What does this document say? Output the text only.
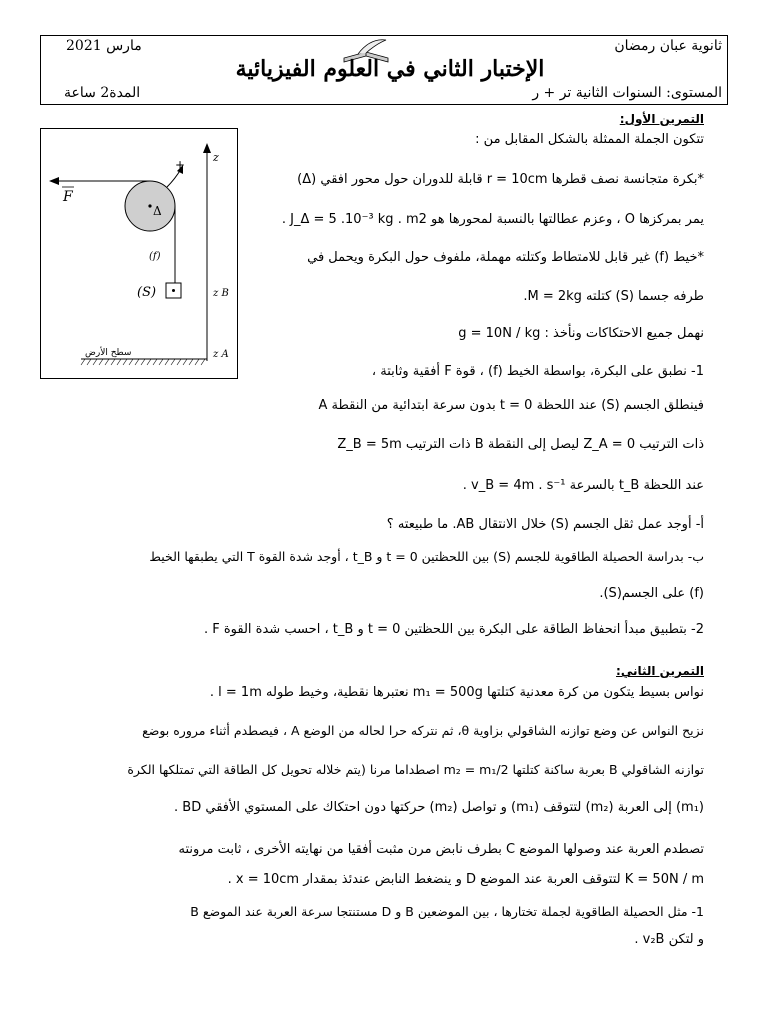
ثانوية عبان رمضان
مارس 2021
الإختبار الثاني في العلوم الفيزيائية
المستوى: السنوات الثانية تر + ر
المدة2 ساعة
التمرين الأول:
z
z B
z A
(f)
(S)
F
Δ
+
سطح الأرض
تتكون الجملة الممثلة بالشكل المقابل من :
*بكرة متجانسة نصف قطرها r = 10cm قابلة للدوران حول محور افقي (Δ)
يمر بمركزها O ، وعزم عطالتها بالنسبة لمحورها هو J_Δ = 5 .10⁻³ kg . m2 .
*خيط (f) غير قابل للامتطاط وكتلته مهملة، ملفوف حول البكرة ويحمل في
طرفه جسما (S) كتلته M = 2kg.
نهمل جميع الاحتكاكات ونأخذ : g = 10N / kg
1- نطبق على البكرة، بواسطة الخيط (f) ، قوة F أفقية وثابتة ،
فينطلق الجسم (S) عند اللحظة t = 0 بدون سرعة ابتدائية من النقطة A
ذات الترتيب Z_A = 0 ليصل إلى النقطة B ذات الترتيب Z_B = 5m
عند اللحظة t_B بالسرعة v_B = 4m . s⁻¹ .
أ- أوجد عمل ثقل الجسم (S) خلال الانتقال AB. ما طبيعته ؟
ب- بدراسة الحصيلة الطاقوية للجسم (S) بين اللحظتين t = 0 و t_B ، أوجد شدة القوة T التي يطبقها الخيط
(f) على الجسم(S).
2- بتطبيق مبدأ انحفاظ الطاقة على البكرة بين اللحظتين t = 0 و t_B ، احسب شدة القوة F .
التمرين الثاني:
نواس بسيط يتكون من كرة معدنية كتلتها m₁ = 500g نعتبرها نقطية، وخيط طوله l = 1m .
نزيح النواس عن وضع توازنه الشاقولي بزاوية θ، ثم نتركه حرا لحاله من الوضع A ، فيصطدم أثناء مروره بوضع
توازنه الشاقولي B بعربة ساكنة كتلتها m₂ = m₁/2 اصطداما مرنا (يتم خلاله تحويل كل الطاقة التي تمتلكها الكرة
(m₁) إلى العربة (m₂) لتتوقف (m₁) و تواصل (m₂) حركتها دون احتكاك على المستوي الأفقي BD .
تصطدم العربة عند وصولها الموضع C بطرف نابض مرن مثبت أفقيا من نهايته الأخرى ، ثابت مرونته
K = 50N / m لتتوقف العربة عند الموضع D و ينضغط النابض عندئذ بمقدار x = 10cm .
1- مثل الحصيلة الطاقوية لجملة تختارها ، بين الموضعين B و D مستنتجا سرعة العربة عند الموضع B
و لتكن v₂B .
